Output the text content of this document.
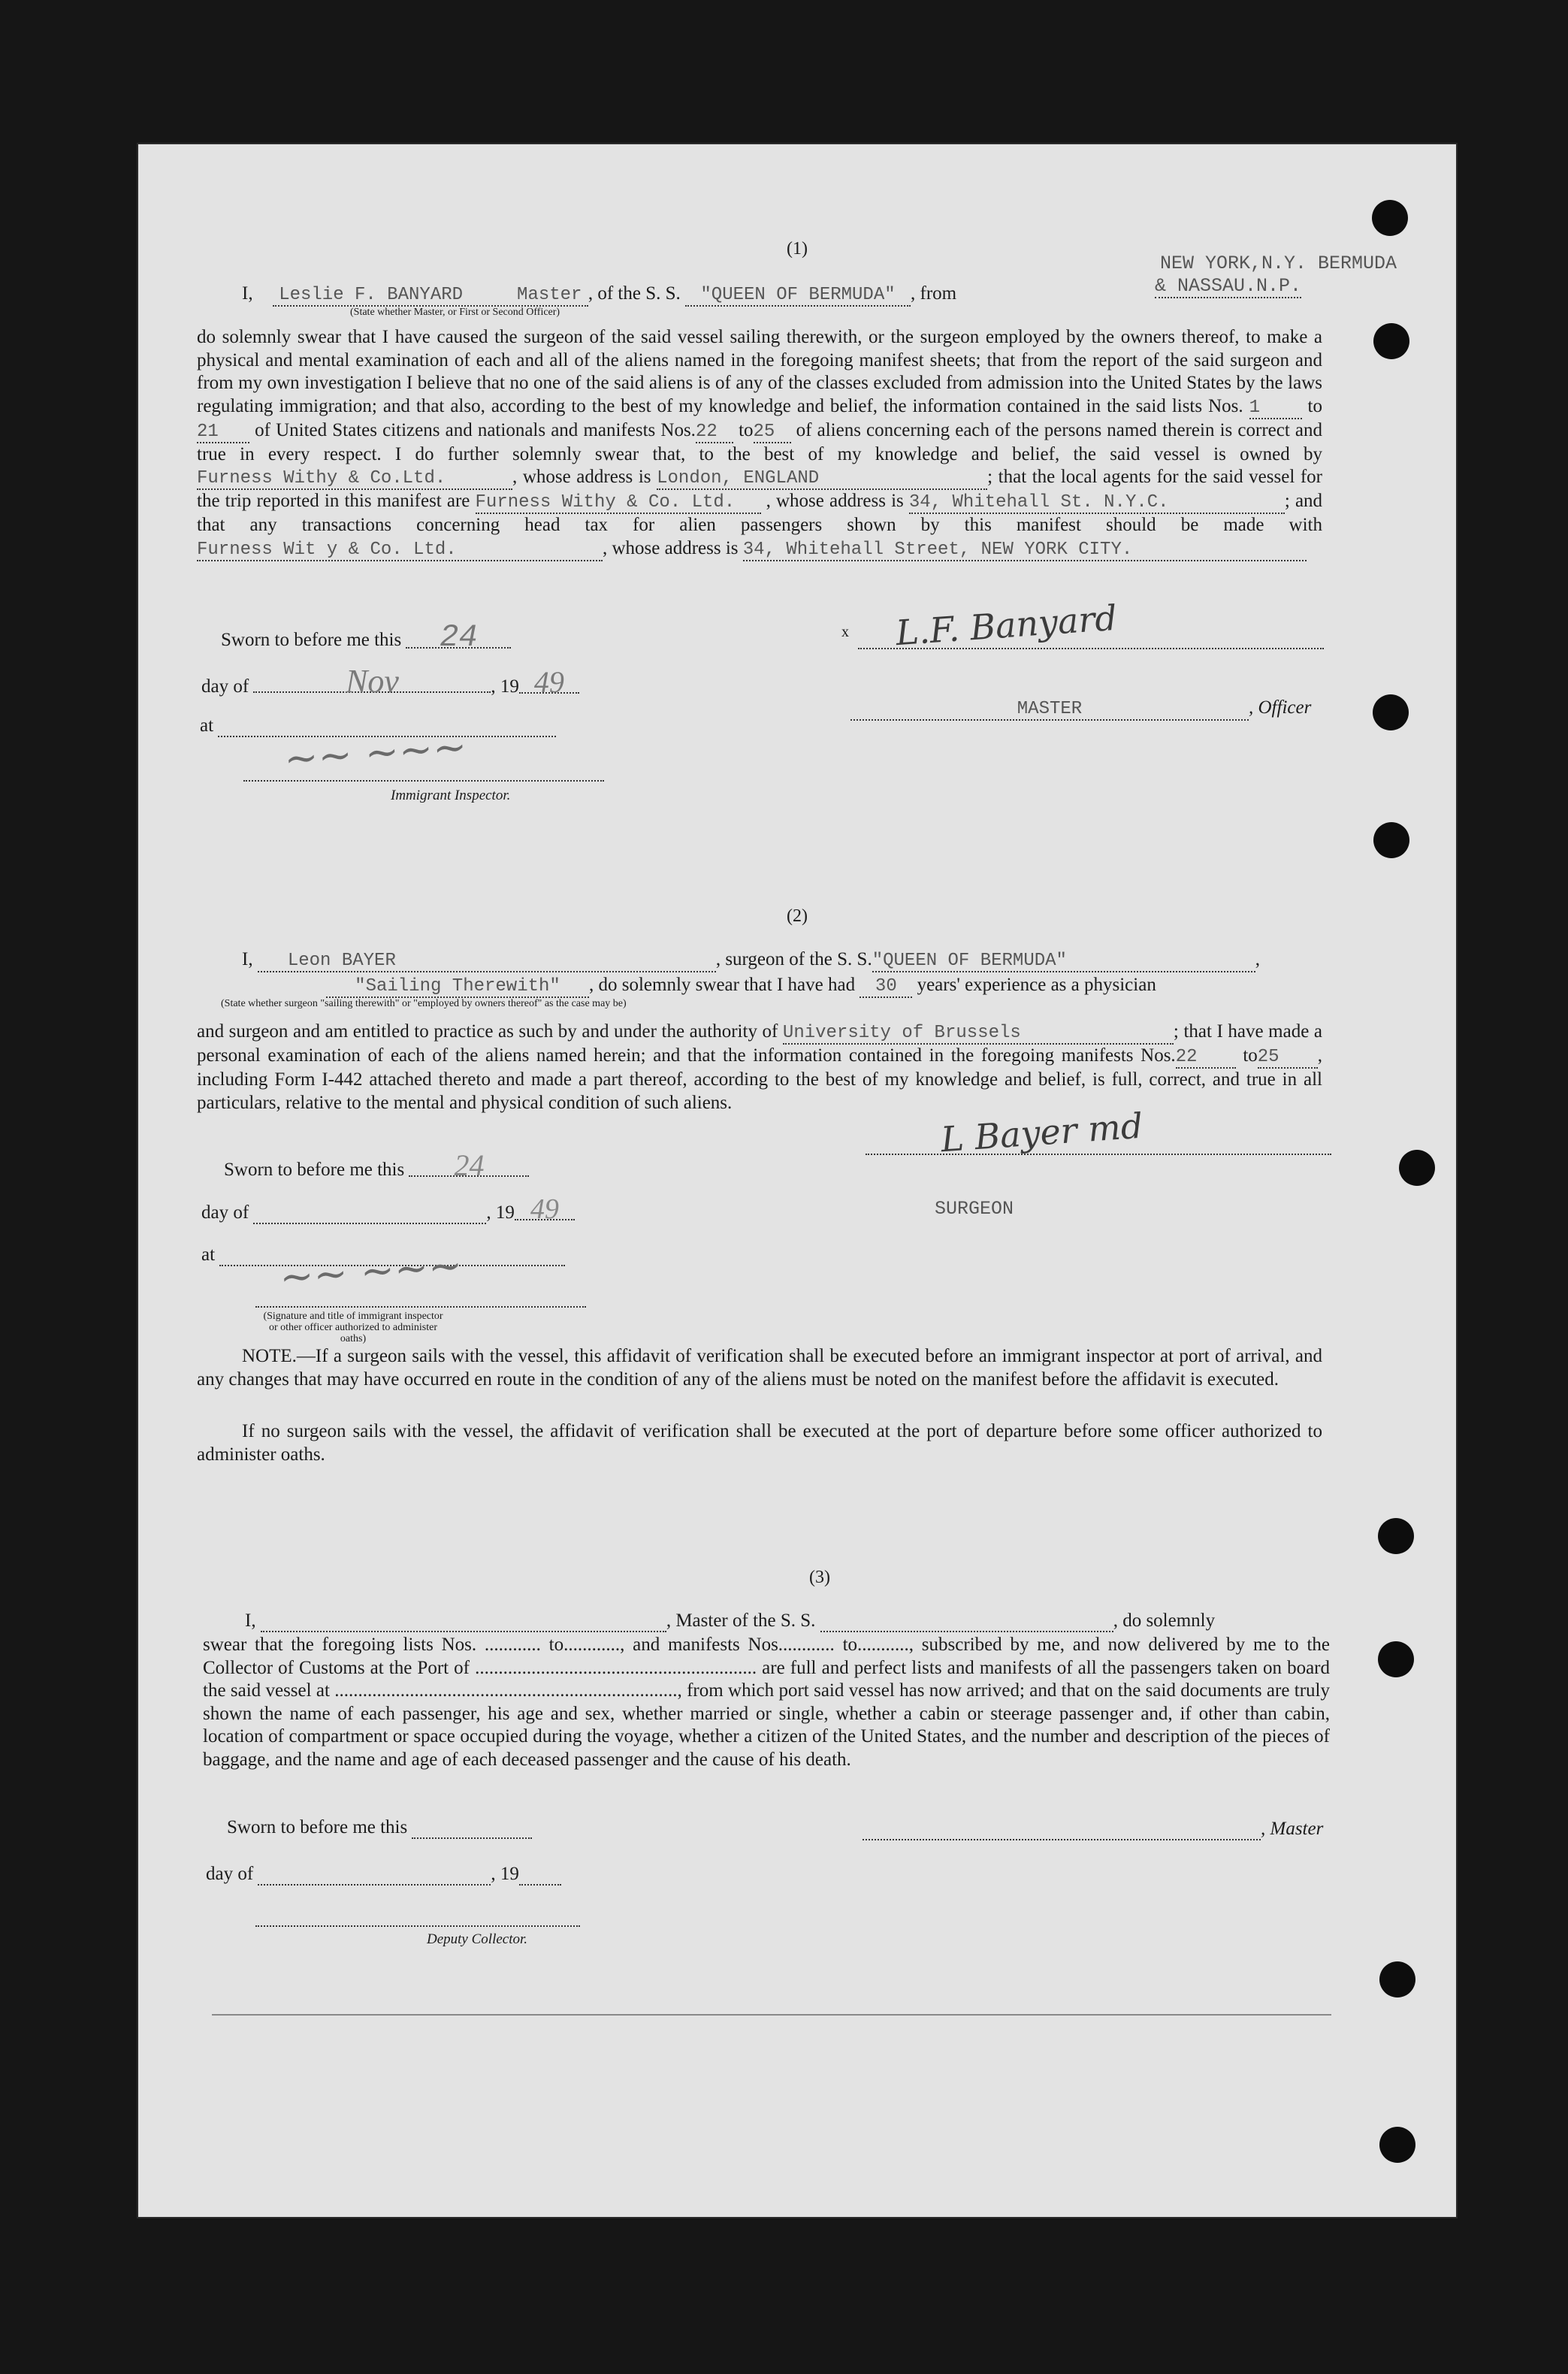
(1)
I, Leslie F. BANYARD	Master , of the S. S. "QUEEN OF BERMUDA" , from
NEW YORK,N.Y. BERMUDA
& NASSAU.N.P.
(State whether Master, or First or Second Officer)
do solemnly swear that I have caused the surgeon of the said vessel sailing therewith, or the surgeon employed by the owners thereof, to make a physical and mental examination of each and all of the aliens named in the foregoing manifest sheets; that from the report of the said surgeon and from my own investigation I believe that no one of the said aliens is of any of the classes excluded from admission into the United States by the laws regulating immigration; and that also, according to the best of my knowledge and belief, the information contained in the said lists Nos. 1	to 21 of United States citizens and nationals and manifests Nos.22 to25 of aliens concerning each of the persons named therein is correct and true in every respect. I do further solemnly swear that, to the best of my knowledge and belief, the said vessel is owned by Furness Withy & Co.Ltd.	, whose address is London, ENGLAND	; that the local agents for the said vessel for the trip reported in this manifest are Furness Withy & Co. Ltd. , whose address is 34, Whitehall St. N.Y.C.	; and that any transactions concerning head tax for alien passengers shown by this manifest should be made with Furness Wit y & Co. Ltd.	, whose address is 34, Whitehall Street, NEW YORK CITY.
Sworn to before me this 24
day of	Nov	, 19 49
at	~~ ~~~
Immigrant Inspector.
x L.F. Banyard
MASTER	, Officer
(2)
I, Leon BAYER	, surgeon of the S. S."QUEEN OF BERMUDA"	,
"Sailing Therewith" , do solemnly swear that I have had 30 years' experience as a physician
(State whether surgeon "sailing therewith" or "employed by owners thereof" as the case may be)
and surgeon and am entitled to practice as such by and under the authority of University of Brussels	; that I have made a personal examination of each of the aliens named herein; and that the information contained in the foregoing manifests Nos.22 to25 , including Form I-442 attached thereto and made a part thereof, according to the best of my knowledge and belief, is full, correct, and true in all particulars, relative to the mental and physical condition of such aliens.
Sworn to before me this 24
day of	, 19 49
at	~~ ~~~
(Signature and title of immigrant inspector or other officer authorized to administer oaths)
L Bayer md
SURGEON
NOTE.—If a surgeon sails with the vessel, this affidavit of verification shall be executed before an immigrant inspector at port of arrival, and any changes that may have occurred en route in the condition of any of the aliens must be noted on the manifest before the affidavit is executed.
If no surgeon sails with the vessel, the affidavit of verification shall be executed at the port of departure before some officer authorized to administer oaths.
(3)
I,	, Master of the S. S.	, do solemnly
swear that the foregoing lists Nos. ............ to............, and manifests Nos............ to..........., subscribed by me, and now delivered by me to the Collector of Customs at the Port of ............................................................ are full and perfect lists and manifests of all the passengers taken on board the said vessel at ........................................................................., from which port said vessel has now arrived; and that on the said documents are truly shown the name of each passenger, his age and sex, whether married or single, whether a cabin or steerage passenger and, if other than cabin, location of compartment or space occupied during the voyage, whether a citizen of the United States, and the number and description of the pieces of baggage, and the name and age of each deceased passenger and the cause of his death.
Sworn to before me this	, Master
day of	, 19
Deputy Collector.
